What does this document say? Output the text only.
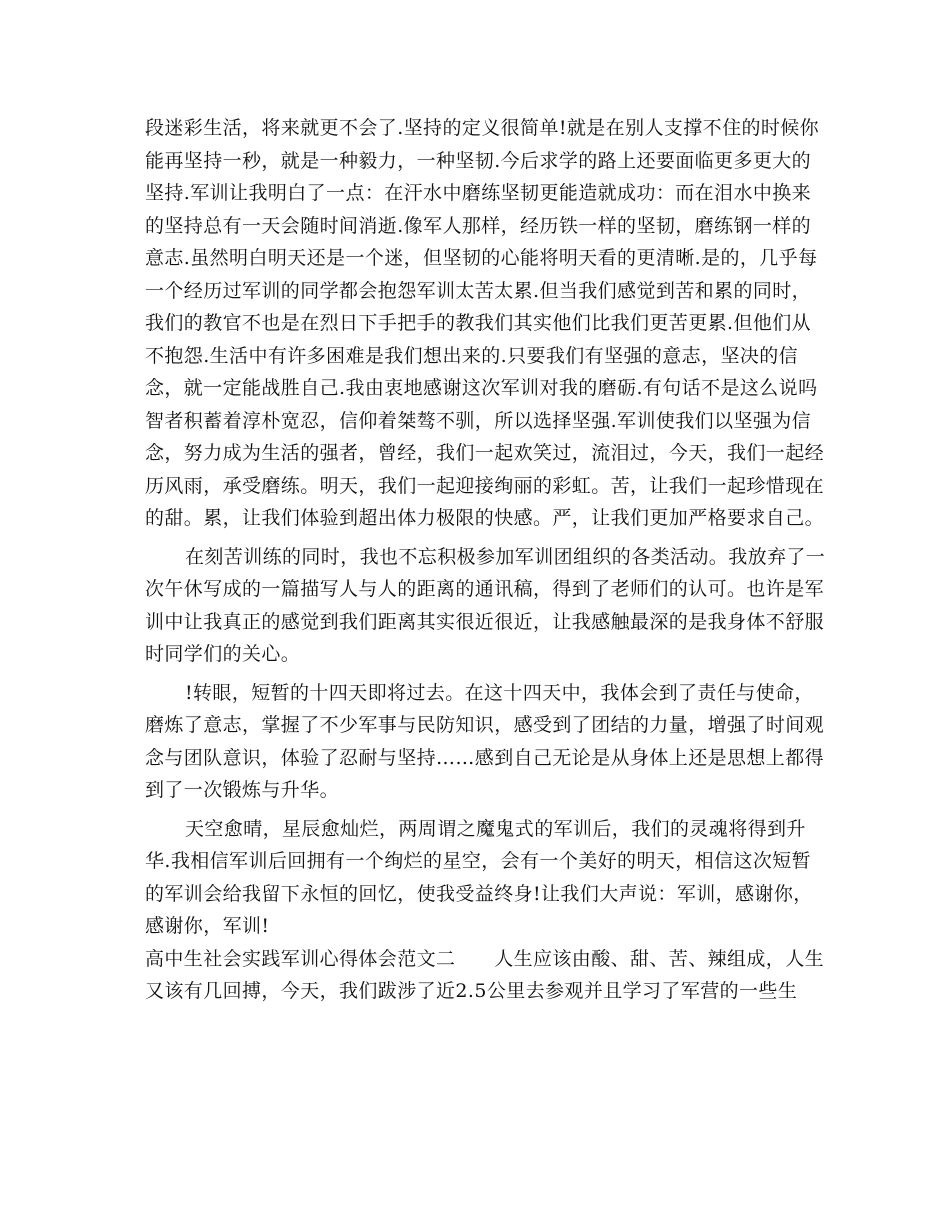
段迷彩生活，将来就更不会了.坚持的定义很简单!就是在别人支撑不住的时候你
能再坚持一秒，就是一种毅力，一种坚韧.今后求学的路上还要面临更多更大的
坚持.军训让我明白了一点：在汗水中磨练坚韧更能造就成功：而在泪水中换来
的坚持总有一天会随时间消逝.像军人那样，经历铁一样的坚韧，磨练钢一样的
意志.虽然明白明天还是一个迷，但坚韧的心能将明天看的更清晰.是的，几乎每
一个经历过军训的同学都会抱怨军训太苦太累.但当我们感觉到苦和累的同时，
我们的教官不也是在烈日下手把手的教我们其实他们比我们更苦更累.但他们从
不抱怨.生活中有许多困难是我们想出来的.只要我们有坚强的意志，坚决的信
念，就一定能战胜自己.我由衷地感谢这次军训对我的磨砺.有句话不是这么说吗
智者积蓄着淳朴宽忍，信仰着桀骜不驯，所以选择坚强.军训使我们以坚强为信
念，努力成为生活的强者，曾经，我们一起欢笑过，流泪过，今天，我们一起经
历风雨，承受磨练。明天，我们一起迎接绚丽的彩虹。苦，让我们一起珍惜现在
的甜。累，让我们体验到超出体力极限的快感。严，让我们更加严格要求自己。
在刻苦训练的同时，我也不忘积极参加军训团组织的各类活动。我放弃了一
次午休写成的一篇描写人与人的距离的通讯稿，得到了老师们的认可。也许是军
训中让我真正的感觉到我们距离其实很近很近，让我感触最深的是我身体不舒服
时同学们的关心。
!转眼，短暂的十四天即将过去。在这十四天中，我体会到了责任与使命，
磨炼了意志，掌握了不少军事与民防知识，感受到了团结的力量，增强了时间观
念与团队意识，体验了忍耐与坚持……感到自己无论是从身体上还是思想上都得
到了一次锻炼与升华。
天空愈晴，星辰愈灿烂，两周谓之魔鬼式的军训后，我们的灵魂将得到升
华.我相信军训后回拥有一个绚烂的星空，会有一个美好的明天，相信这次短暂
的军训会给我留下永恒的回忆，使我受益终身!让我们大声说：军训，感谢你，
感谢你，军训!
高中生社会实践军训心得体会范文二　　人生应该由酸、甜、苦、辣组成，人生
又该有几回搏，今天，我们跋涉了近2.5公里去参观并且学习了军营的一些生
